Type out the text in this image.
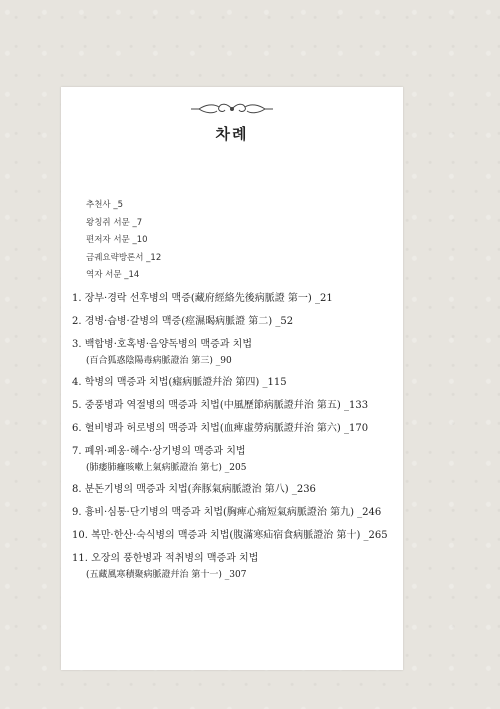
차례
추천사 _5
왕칭쥐 서문 _7
편저자 서문 _10
금궤요략방론서 _12
역자 서문 _14
1. 장부·경락 선후병의 맥증(藏府經絡先後病脈證 第一) _21
2. 경병·습병·갈병의 맥증(痙濕暍病脈證 第二) _52
3. 백합병·호혹병·음양독병의 맥증과 치법
(百合狐惑陰陽毒病脈證治 第三) _90
4. 학병의 맥증과 치법(瘧病脈證幷治 第四) _115
5. 중풍병과 역절병의 맥증과 치법(中風歷節病脈證幷治 第五) _133
6. 혈비병과 허로병의 맥증과 치법(血痺虛勞病脈證幷治 第六) _170
7. 폐위·폐옹·해수·상기병의 맥증과 치법
(肺痿肺癰咳嗽上氣病脈證治 第七) _205
8. 분돈기병의 맥증과 치법(奔豚氣病脈證治 第八) _236
9. 흉비·심통·단기병의 맥증과 치법(胸痺心痛短氣病脈證治 第九) _246
10. 복만·한산·숙식병의 맥증과 치법(腹滿寒疝宿食病脈證治 第十) _265
11. 오장의 풍한병과 적취병의 맥증과 치법
(五藏風寒積聚病脈證幷治 第十一) _307
